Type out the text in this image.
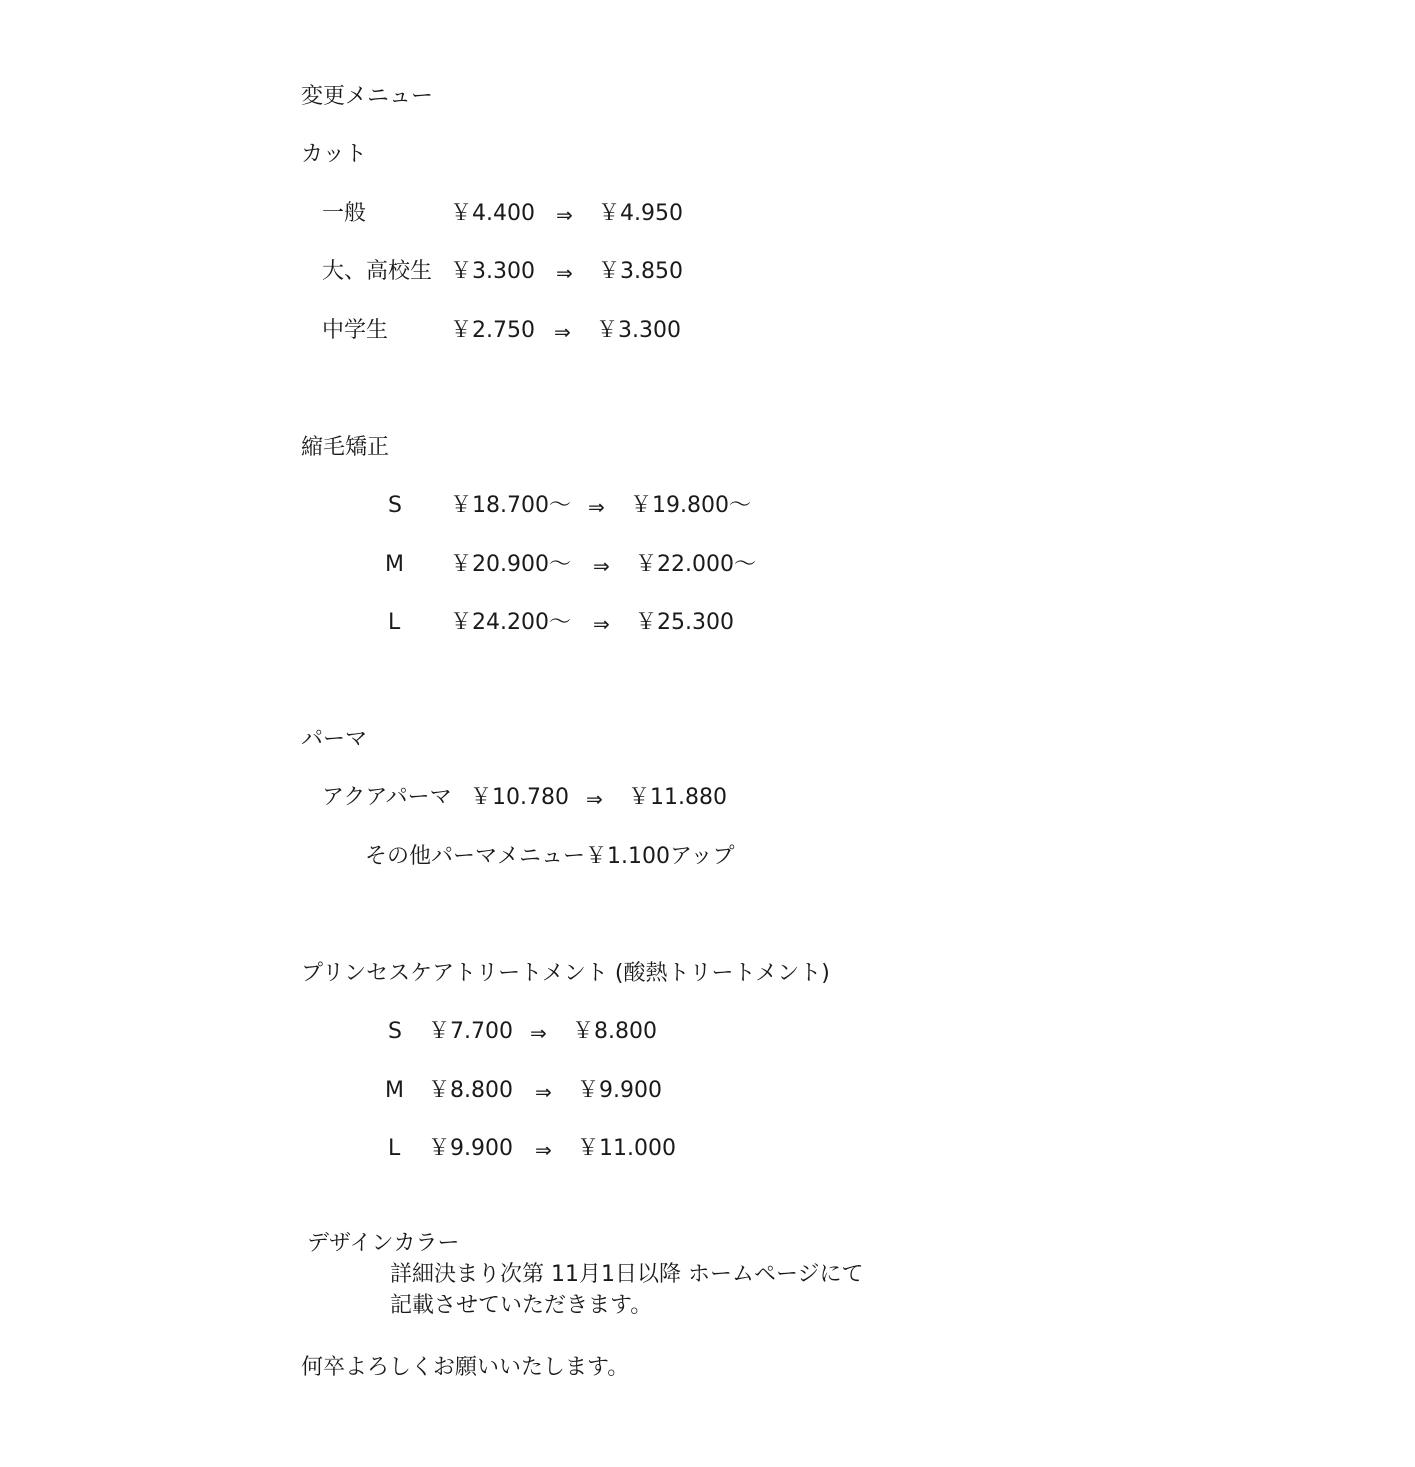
変更メニュー
カット
一般	￥4.400 ⇒ ￥4.950
大、高校生 ￥3.300 ⇒ ￥3.850
中学生	￥2.750 ⇒ ￥3.300
縮毛矯正
S ￥18.700～ ⇒ ￥19.800～
M ￥20.900～ ⇒ ￥22.000～
L ￥24.200～ ⇒ ￥25.300
パーマ
アクアパーマ ￥10.780 ⇒ ￥11.880
その他パーマメニュー￥1.100アップ
プリンセスケアトリートメント (酸熱トリートメント)
S ￥7.700 ⇒ ￥8.800
M ￥8.800 ⇒ ￥9.900
L ￥9.900 ⇒ ￥11.000
デザインカラー
詳細決まり次第 11月1日以降 ホームページにて
記載させていただきます。
何卒よろしくお願いいたします。
